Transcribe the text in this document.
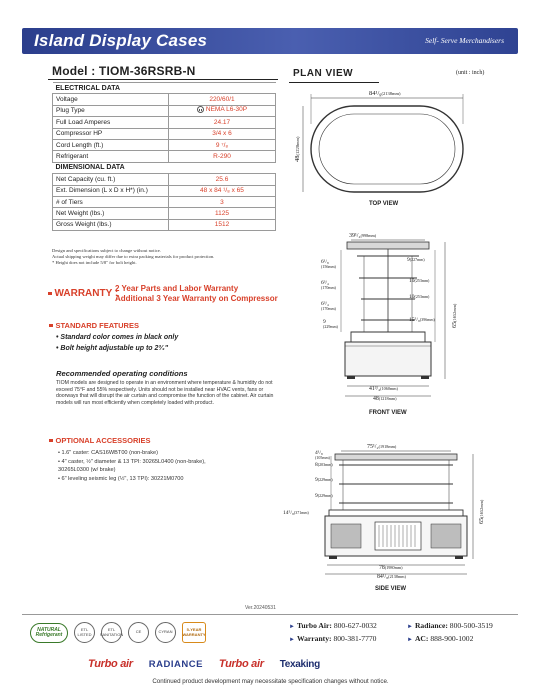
Island Display Cases	Self- Serve Merchandisers
Model : TIOM-36RSRB-N
ELECTRICAL DATA	
Voltage	220/60/1
Plug Type	NEMA L6-30P

Full Load Amperes	24.17
Compressor HP	3/4 x 6
Cord Length (ft.)	9 ⁷/₈
Refrigerant	R-290
DIMENSIONAL DATA	
Net Capacity (cu. ft.)	25.6
Ext. Dimension (L x D x H*) (in.)	48 x 84 ¹/₈ x 65
# of Tiers	3
Net Weight (lbs.)	1125
Gross Weight (lbs.)	1512
Design and specifications subject to change without notice.
Actual shipping weight may differ due to extra packing materials for product protection.
* Height does not include 5/8" for bolt height.
WARRANTY :
2 Year Parts and Labor Warranty
Additional 3 Year Warranty on Compressor
STANDARD FEATURES
• Standard color comes in black only
• Bolt height adjustable up to 2³⁄₄"
Recommended operating conditions
TIOM models are designed to operate in an environment where temperature & humidity do not exceed 75°F and 55% respectively. Units should not be installed near HVAC vents, fans or doorways that will disrupt the air curtain and compromise the function of the cabinet. Air curtain models will run most efficiently when completely loaded with product.
OPTIONAL ACCESSORIES
• 1.6" caster: CAS16WBT00 (non-brake)
• 4" caster, ½" diameter & 13 TPI: 30265L0400 (non-brake),
30265L0300 (w/ brake)
• 6" leveling seismic leg (½", 13 TPI): 30221M0700
PLAN VIEW	(unit : inch)
84¹/₈(2138mm)
48(1220mm)
TOP VIEW
39¹/₄(998mm)
6¹/₈ (156mm)
6³/₄ (170mm)
6³/₄ (170mm)
9 (229mm)
9(227mm)
10(253mm)
10(253mm)
15⁵/₈(396mm)
65(1652mm)
41³/₄(1060mm)
48(1218mm)
FRONT VIEW
75¹/₂(1918mm)
4¹/₈ (105mm)
8(203mm)
9(229mm)
9(229mm)
14⁵/₈(371mm)
65(1652mm)
78(1980mm)
84¹/₈(2138mm)
SIDE VIEW
Ver.20240531
NATURAL Refrigerant
ETL LISTED
ETL SANITATION	CE	CYRAN	5-YEAR WARRANTY
► Turbo Air: 800-627-0032	► Radiance: 800-500-3519
► Warranty: 800-381-7770	► AC: 888-900-1002
Turbo air RADIANCE Turbo air Texaking
Continued product development may necessitate specification changes without notice.
